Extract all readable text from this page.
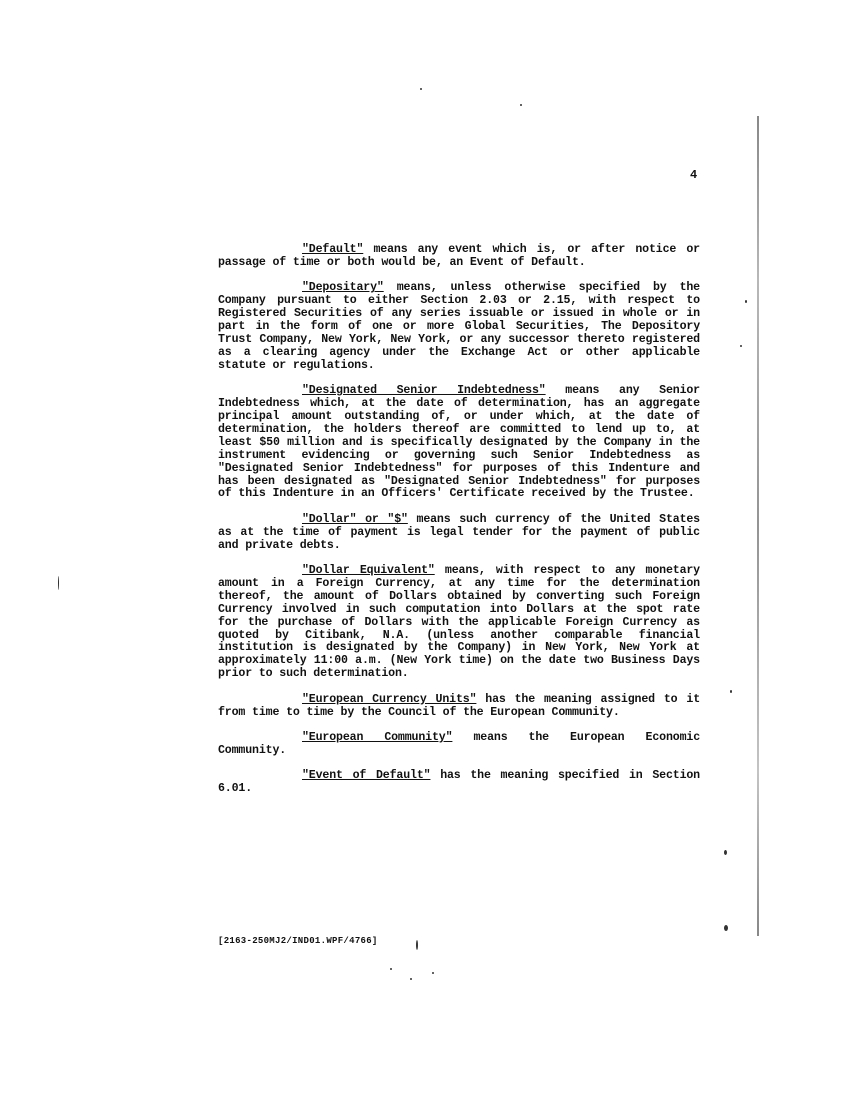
4

"Default" means any event which is, or after notice or passage of time or both would be, an Event of Default.

"Depositary" means, unless otherwise specified by the Company pursuant to either Section 2.03 or 2.15, with respect to Registered Securities of any series issuable or issued in whole or in part in the form of one or more Global Securities, The Depository Trust Company, New York, New York, or any successor thereto registered as a clearing agency under the Exchange Act or other applicable statute or regulations.

"Designated Senior Indebtedness" means any Senior Indebtedness which, at the date of determination, has an aggregate principal amount outstanding of, or under which, at the date of determination, the holders thereof are committed to lend up to, at least $50 million and is specifically designated by the Company in the instrument evidencing or governing such Senior Indebtedness as "Designated Senior Indebtedness" for purposes of this Indenture and has been designated as "Designated Senior Indebtedness" for purposes of this Indenture in an Officers' Certificate received by the Trustee.

"Dollar" or "$" means such currency of the United States as at the time of payment is legal tender for the payment of public and private debts.

"Dollar Equivalent" means, with respect to any monetary amount in a Foreign Currency, at any time for the determination thereof, the amount of Dollars obtained by converting such Foreign Currency involved in such computation into Dollars at the spot rate for the purchase of Dollars with the applicable Foreign Currency as quoted by Citibank, N.A. (unless another comparable financial institution is designated by the Company) in New York, New York at approximately 11:00 a.m. (New York time) on the date two Business Days prior to such determination.

"European Currency Units" has the meaning assigned to it from time to time by the Council of the European Community.

"European Community" means the European Economic Community.

"Event of Default" has the meaning specified in Section 6.01.

[2163-250MJ2/IND01.WPF/4766]
